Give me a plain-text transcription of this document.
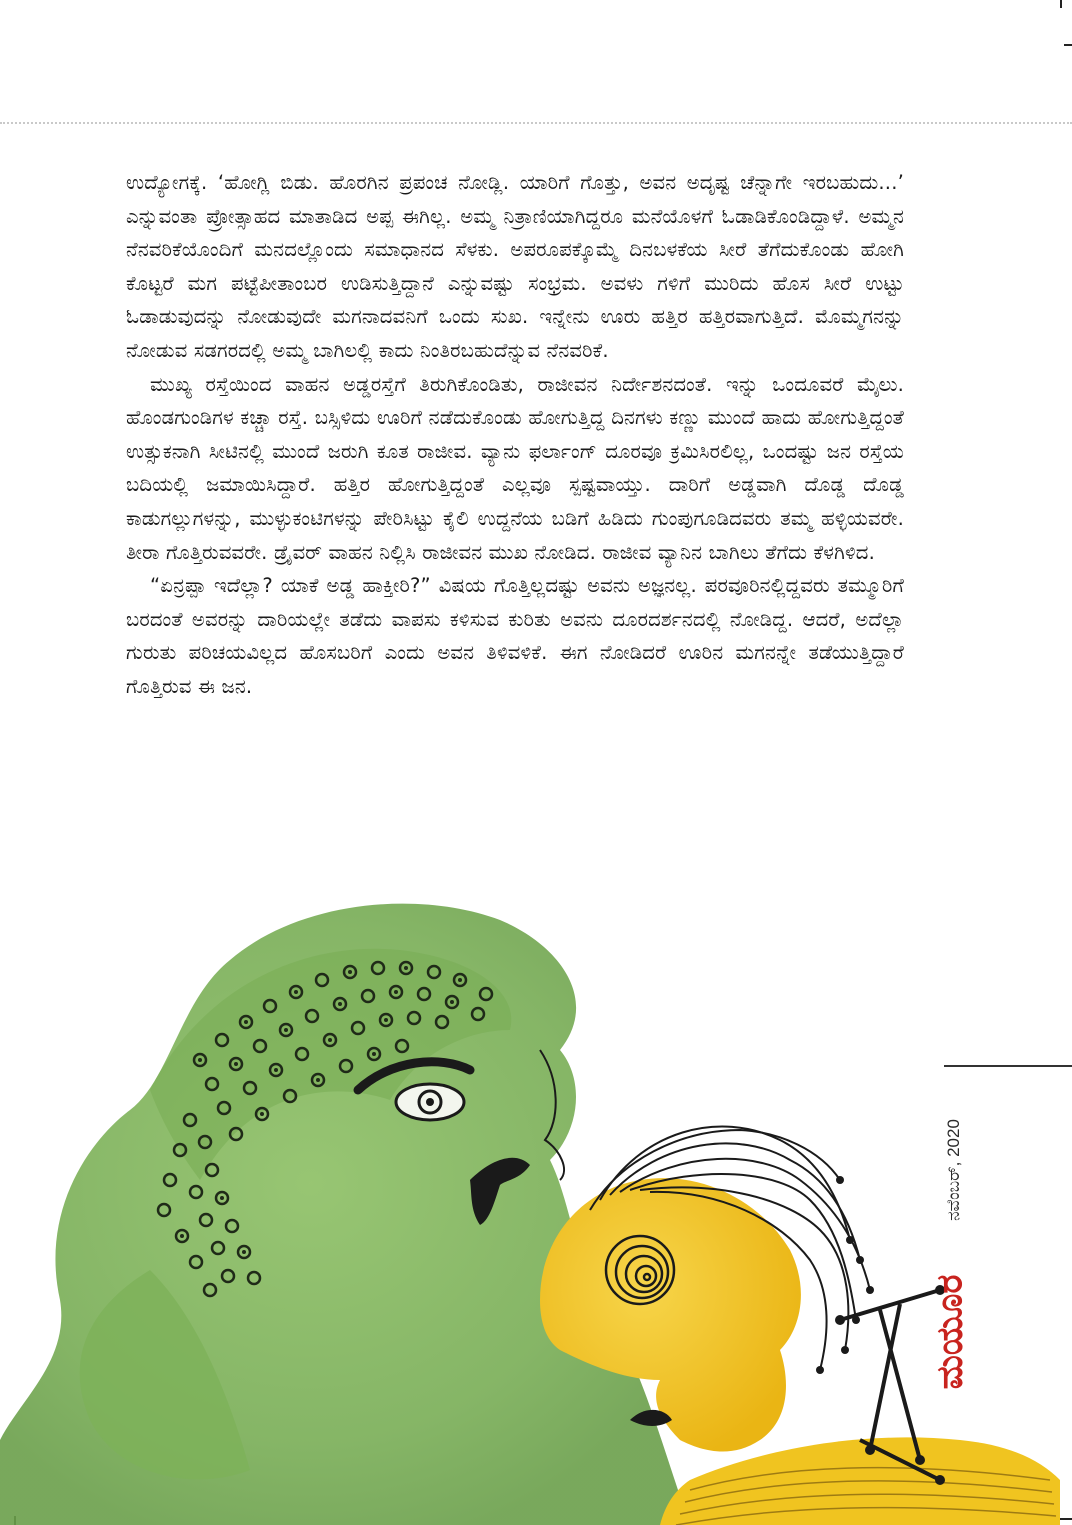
ಉದ್ಯೋಗಕ್ಕೆ. ‘ಹೋಗ್ಲಿ ಬಿಡು. ಹೊರಗಿನ ಪ್ರಪಂಚ ನೋಡ್ಲಿ. ಯಾರಿಗೆ ಗೊತ್ತು, ಅವನ ಅದೃಷ್ಟ ಚೆನ್ನಾಗೇ ಇರಬಹುದು...’ ಎನ್ನುವಂತಾ ಪ್ರೋತ್ಸಾಹದ ಮಾತಾಡಿದ ಅಪ್ಪ ಈಗಿಲ್ಲ. ಅಮ್ಮ ನಿತ್ರಾಣಿಯಾಗಿದ್ದರೂ ಮನೆಯೊಳಗೆ ಓಡಾಡಿಕೊಂಡಿದ್ದಾಳೆ. ಅಮ್ಮನ ನೆನವರಿಕೆಯೊಂದಿಗೆ ಮನದಲ್ಲೊಂದು ಸಮಾಧಾನದ ಸೆಳಕು. ಅಪರೂಪಕ್ಕೊಮ್ಮೆ ದಿನಬಳಕೆಯ ಸೀರೆ ತೆಗೆದುಕೊಂಡು ಹೋಗಿ ಕೊಟ್ಟರೆ ಮಗ ಪಟ್ಟೆಪೀತಾಂಬರ ಉಡಿಸುತ್ತಿದ್ದಾನೆ ಎನ್ನುವಷ್ಟು ಸಂಭ್ರಮ. ಅವಳು ಗಳಿಗೆ ಮುರಿದು ಹೊಸ ಸೀರೆ ಉಟ್ಟು ಓಡಾಡುವುದನ್ನು ನೋಡುವುದೇ ಮಗನಾದವನಿಗೆ ಒಂದು ಸುಖ. ಇನ್ನೇನು ಊರು ಹತ್ತಿರ ಹತ್ತಿರವಾಗುತ್ತಿದೆ. ಮೊಮ್ಮಗನನ್ನು ನೋಡುವ ಸಡಗರದಲ್ಲಿ ಅಮ್ಮ ಬಾಗಿಲಲ್ಲಿ ಕಾದು ನಿಂತಿರಬಹುದೆನ್ನುವ ನೆನವರಿಕೆ.

ಮುಖ್ಯ ರಸ್ತೆಯಿಂದ ವಾಹನ ಅಡ್ಡರಸ್ತೆಗೆ ತಿರುಗಿಕೊಂಡಿತು, ರಾಜೀವನ ನಿರ್ದೇಶನದಂತೆ. ಇನ್ನು ಒಂದೂವರೆ ಮೈಲು. ಹೊಂಡಗುಂಡಿಗಳ ಕಚ್ಚಾ ರಸ್ತೆ. ಬಸ್ಸಿಳಿದು ಊರಿಗೆ ನಡೆದುಕೊಂಡು ಹೋಗುತ್ತಿದ್ದ ದಿನಗಳು ಕಣ್ಣು ಮುಂದೆ ಹಾದು ಹೋಗುತ್ತಿದ್ದಂತೆ ಉತ್ಸುಕನಾಗಿ ಸೀಟಿನಲ್ಲಿ ಮುಂದೆ ಜರುಗಿ ಕೂತ ರಾಜೀವ. ವ್ಯಾನು ಫರ್ಲಾಂಗ್ ದೂರವೂ ಕ್ರಮಿಸಿರಲಿಲ್ಲ, ಒಂದಷ್ಟು ಜನ ರಸ್ತೆಯ ಬದಿಯಲ್ಲಿ ಜಮಾಯಿಸಿದ್ದಾರೆ. ಹತ್ತಿರ ಹೋಗುತ್ತಿದ್ದಂತೆ ಎಲ್ಲವೂ ಸ್ಪಷ್ಟವಾಯ್ತು. ದಾರಿಗೆ ಅಡ್ಡವಾಗಿ ದೊಡ್ಡ ದೊಡ್ಡ ಕಾಡುಗಲ್ಲುಗಳನ್ನು, ಮುಳ್ಳುಕಂಟಿಗಳನ್ನು ಪೇರಿಸಿಟ್ಟು ಕೈಲಿ ಉದ್ದನೆಯ ಬಡಿಗೆ ಹಿಡಿದು ಗುಂಪುಗೂಡಿದವರು ತಮ್ಮ ಹಳ್ಳಿಯವರೇ. ತೀರಾ ಗೊತ್ತಿರುವವರೇ. ಡ್ರೈವರ್ ವಾಹನ ನಿಲ್ಲಿಸಿ ರಾಜೀವನ ಮುಖ ನೋಡಿದ. ರಾಜೀವ ವ್ಯಾನಿನ ಬಾಗಿಲು ತೆಗೆದು ಕೆಳಗಿಳಿದ.

“ಏನ್ರಪ್ಪಾ ಇದೆಲ್ಲಾ? ಯಾಕೆ ಅಡ್ಡ ಹಾಕ್ತೀರಿ?” ವಿಷಯ ಗೊತ್ತಿಲ್ಲದಷ್ಟು ಅವನು ಅಜ್ಞನಲ್ಲ. ಪರವೂರಿನಲ್ಲಿದ್ದವರು ತಮ್ಮೂರಿಗೆ ಬರದಂತೆ ಅವರನ್ನು ದಾರಿಯಲ್ಲೇ ತಡೆದು ವಾಪಸು ಕಳಿಸುವ ಕುರಿತು ಅವನು ದೂರದರ್ಶನದಲ್ಲಿ ನೋಡಿದ್ದ. ಆದರೆ, ಅದೆಲ್ಲಾ ಗುರುತು ಪರಿಚಯವಿಲ್ಲದ ಹೊಸಬರಿಗೆ ಎಂದು ಅವನ ತಿಳಿವಳಿಕೆ. ಈಗ ನೋಡಿದರೆ ಊರಿನ ಮಗನನ್ನೇ ತಡೆಯುತ್ತಿದ್ದಾರೆ ಗೊತ್ತಿರುವ ಈ ಜನ.

ನವೆಂಬರ್, 2020
ಮಯೂರ
